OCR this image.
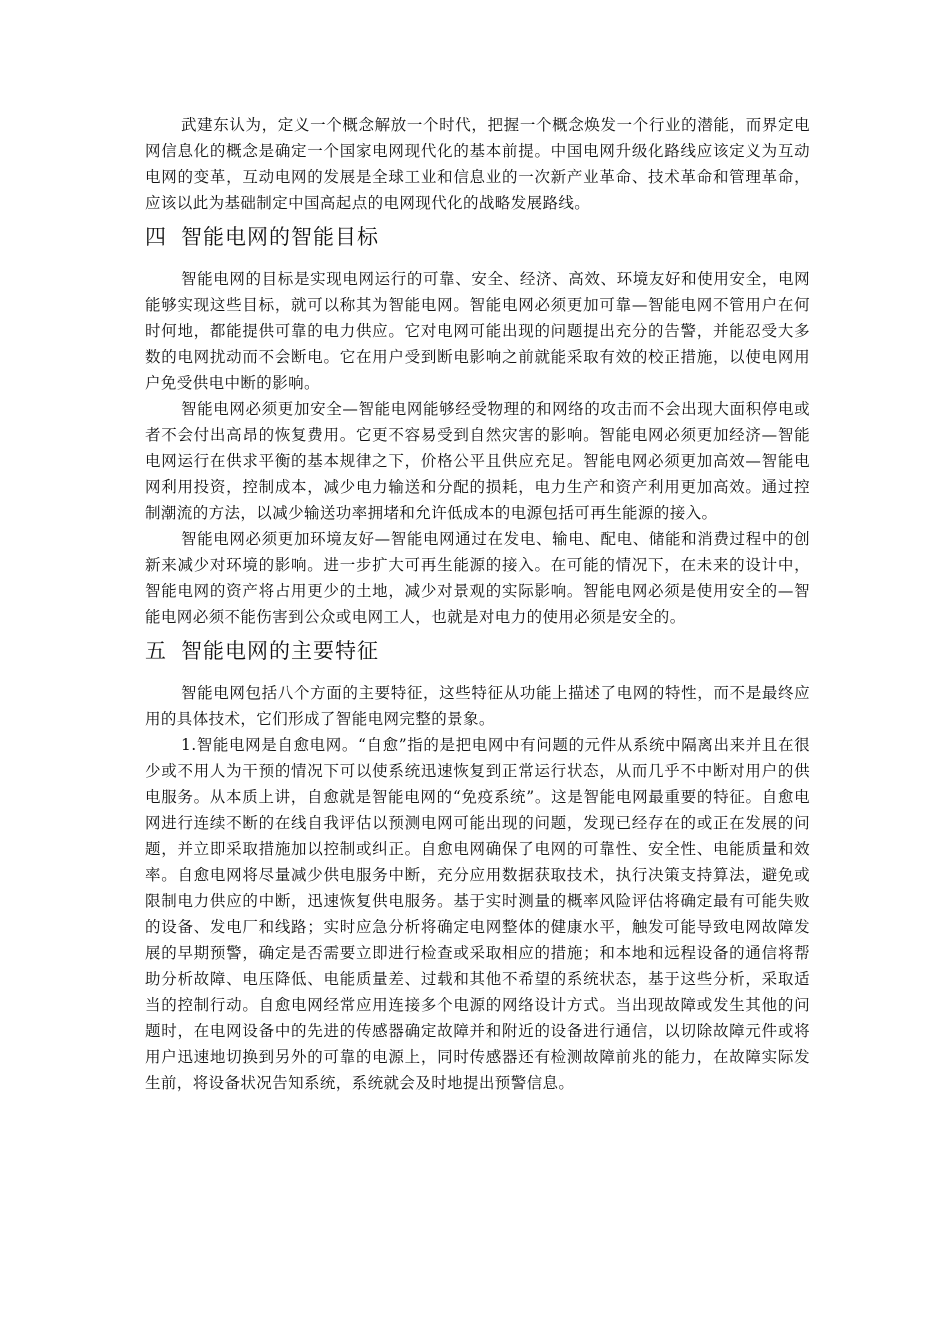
武建东认为，定义一个概念解放一个时代，把握一个概念焕发一个行业的潜能，而界定电网信息化的概念是确定一个国家电网现代化的基本前提。中国电网升级化路线应该定义为互动电网的变革，互动电网的发展是全球工业和信息业的一次新产业革命、技术革命和管理革命，应该以此为基础制定中国高起点的电网现代化的战略发展路线。

四 智能电网的智能目标

智能电网的目标是实现电网运行的可靠、安全、经济、高效、环境友好和使用安全，电网能够实现这些目标，就可以称其为智能电网。智能电网必须更加可靠—智能电网不管用户在何时何地，都能提供可靠的电力供应。它对电网可能出现的问题提出充分的告警，并能忍受大多数的电网扰动而不会断电。它在用户受到断电影响之前就能采取有效的校正措施，以使电网用户免受供电中断的影响。

智能电网必须更加安全—智能电网能够经受物理的和网络的攻击而不会出现大面积停电或者不会付出高昂的恢复费用。它更不容易受到自然灾害的影响。智能电网必须更加经济—智能电网运行在供求平衡的基本规律之下，价格公平且供应充足。智能电网必须更加高效—智能电网利用投资，控制成本，减少电力输送和分配的损耗，电力生产和资产利用更加高效。通过控制潮流的方法，以减少输送功率拥堵和允许低成本的电源包括可再生能源的接入。

智能电网必须更加环境友好—智能电网通过在发电、输电、配电、储能和消费过程中的创新来减少对环境的影响。进一步扩大可再生能源的接入。在可能的情况下，在未来的设计中，智能电网的资产将占用更少的土地，减少对景观的实际影响。智能电网必须是使用安全的—智能电网必须不能伤害到公众或电网工人，也就是对电力的使用必须是安全的。

五 智能电网的主要特征

智能电网包括八个方面的主要特征，这些特征从功能上描述了电网的特性，而不是最终应用的具体技术，它们形成了智能电网完整的景象。

1.智能电网是自愈电网。“自愈”指的是把电网中有问题的元件从系统中隔离出来并且在很少或不用人为干预的情况下可以使系统迅速恢复到正常运行状态，从而几乎不中断对用户的供电服务。从本质上讲，自愈就是智能电网的“免疫系统”。这是智能电网最重要的特征。自愈电网进行连续不断的在线自我评估以预测电网可能出现的问题，发现已经存在的或正在发展的问题，并立即采取措施加以控制或纠正。自愈电网确保了电网的可靠性、安全性、电能质量和效率。自愈电网将尽量减少供电服务中断，充分应用数据获取技术，执行决策支持算法，避免或限制电力供应的中断，迅速恢复供电服务。基于实时测量的概率风险评估将确定最有可能失败的设备、发电厂和线路；实时应急分析将确定电网整体的健康水平，触发可能导致电网故障发展的早期预警，确定是否需要立即进行检查或采取相应的措施；和本地和远程设备的通信将帮助分析故障、电压降低、电能质量差、过载和其他不希望的系统状态，基于这些分析，采取适当的控制行动。自愈电网经常应用连接多个电源的网络设计方式。当出现故障或发生其他的问题时，在电网设备中的先进的传感器确定故障并和附近的设备进行通信，以切除故障元件或将用户迅速地切换到另外的可靠的电源上，同时传感器还有检测故障前兆的能力，在故障实际发生前，将设备状况告知系统，系统就会及时地提出预警信息。
